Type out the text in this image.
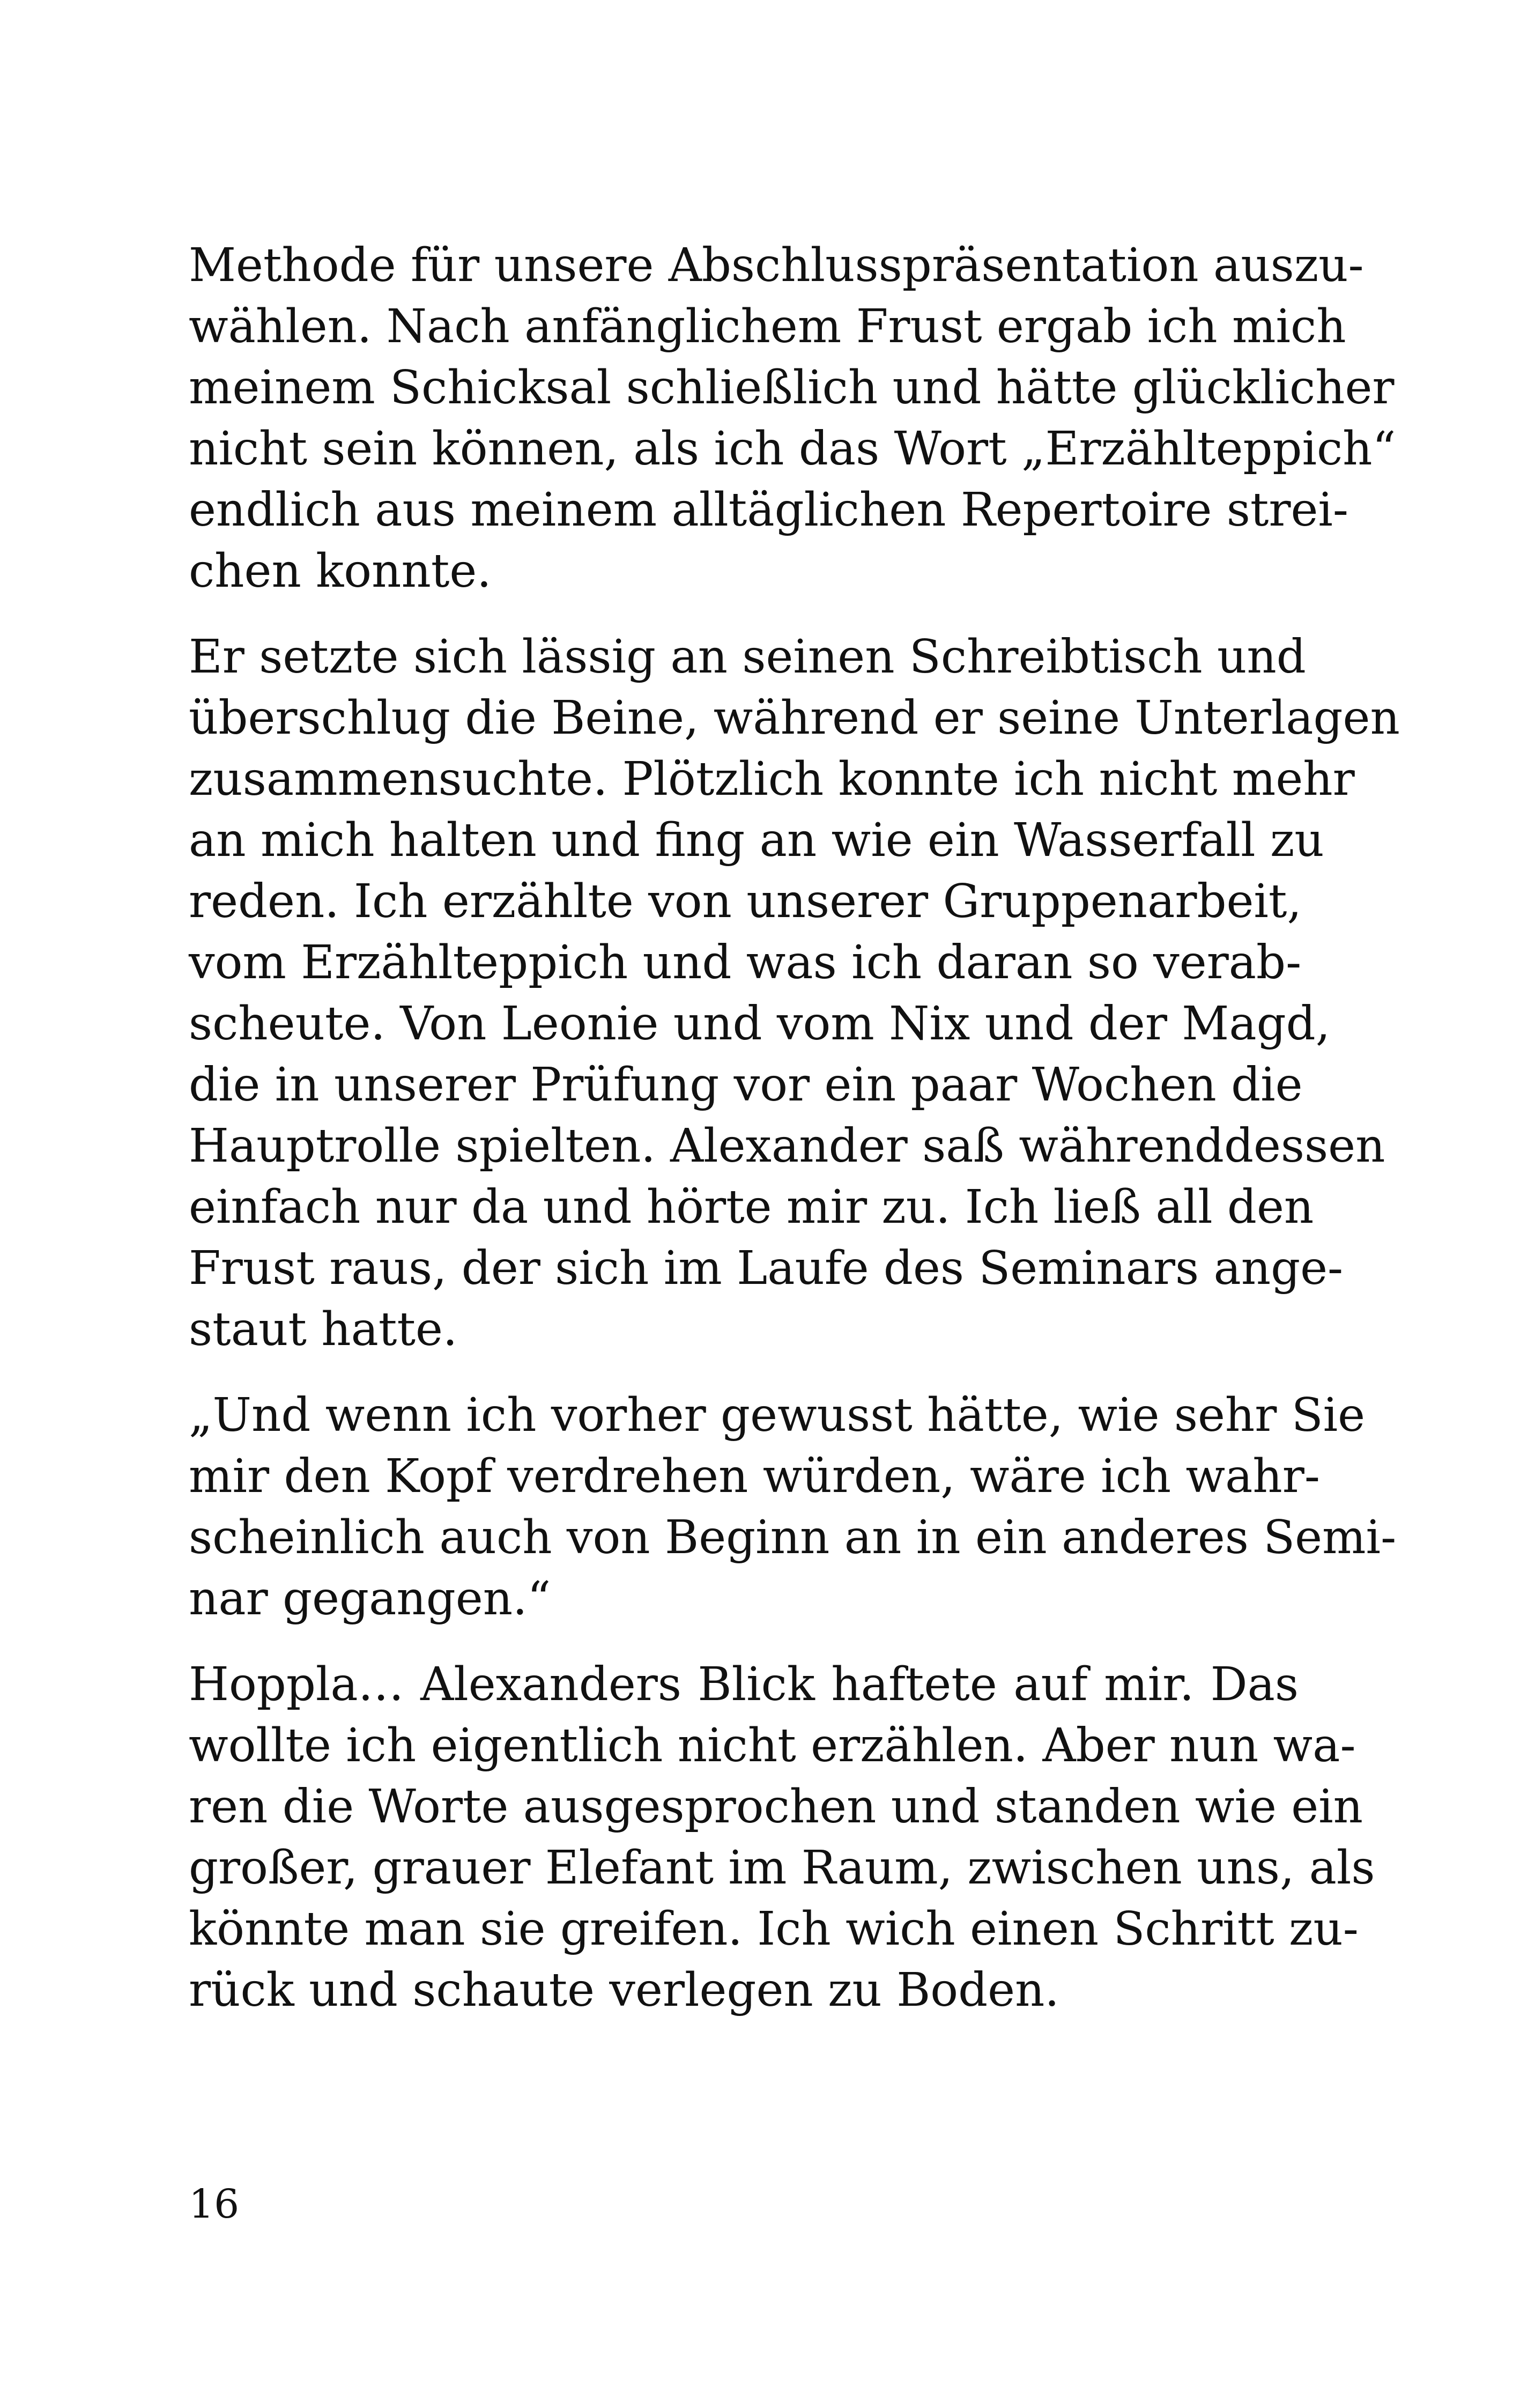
Methode für unsere Abschlusspräsentation auszu-
wählen. Nach anfänglichem Frust ergab ich mich
meinem Schicksal schließlich und hätte glücklicher
nicht sein können, als ich das Wort „Erzählteppich“
endlich aus meinem alltäglichen Repertoire strei-
chen konnte.
Er setzte sich lässig an seinen Schreibtisch und
überschlug die Beine, während er seine Unterlagen
zusammensuchte. Plötzlich konnte ich nicht mehr
an mich halten und fing an wie ein Wasserfall zu
reden. Ich erzählte von unserer Gruppenarbeit,
vom Erzählteppich und was ich daran so verab-
scheute. Von Leonie und vom Nix und der Magd,
die in unserer Prüfung vor ein paar Wochen die
Hauptrolle spielten. Alexander saß währenddessen
einfach nur da und hörte mir zu. Ich ließ all den
Frust raus, der sich im Laufe des Seminars ange-
staut hatte.
„Und wenn ich vorher gewusst hätte, wie sehr Sie
mir den Kopf verdrehen würden, wäre ich wahr-
scheinlich auch von Beginn an in ein anderes Semi-
nar gegangen.“
Hoppla… Alexanders Blick haftete auf mir. Das
wollte ich eigentlich nicht erzählen. Aber nun wa-
ren die Worte ausgesprochen und standen wie ein
großer, grauer Elefant im Raum, zwischen uns, als
könnte man sie greifen. Ich wich einen Schritt zu-
rück und schaute verlegen zu Boden.
16
